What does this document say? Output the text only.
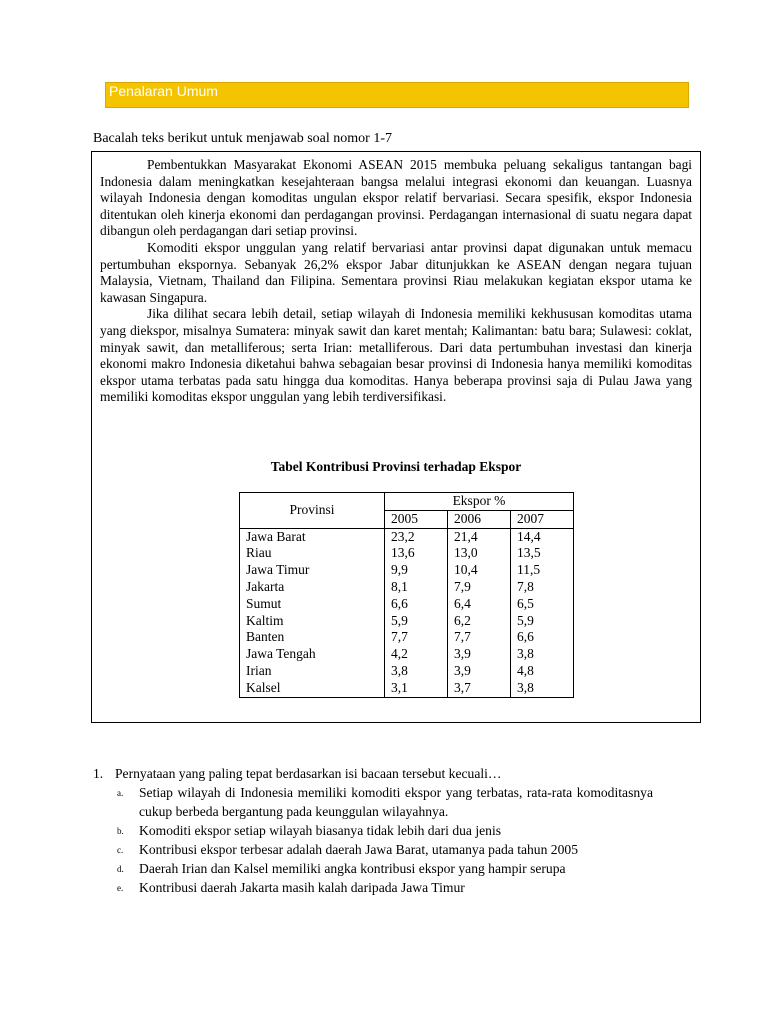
Penalaran Umum
Bacalah teks berikut untuk menjawab soal nomor 1-7

Pembentukkan Masyarakat Ekonomi ASEAN 2015 membuka peluang sekaligus tantangan bagi Indonesia dalam meningkatkan kesejahteraan bangsa melalui integrasi ekonomi dan keuangan. Luasnya wilayah Indonesia dengan komoditas ungulan ekspor relatif bervariasi. Secara spesifik, ekspor Indonesia ditentukan oleh kinerja ekonomi dan perdagangan provinsi. Perdagangan internasional di suatu negara dapat dibangun oleh perdagangan dari setiap provinsi.

Komoditi ekspor unggulan yang relatif bervariasi antar provinsi dapat digunakan untuk memacu pertumbuhan ekspornya. Sebanyak 26,2% ekspor Jabar ditunjukkan ke ASEAN dengan negara tujuan Malaysia, Vietnam, Thailand dan Filipina. Sementara provinsi Riau melakukan kegiatan ekspor utama ke kawasan Singapura.

Jika dilihat secara lebih detail, setiap wilayah di Indonesia memiliki kekhususan komoditas utama yang diekspor, misalnya Sumatera: minyak sawit dan karet mentah; Kalimantan: batu bara; Sulawesi: coklat, minyak sawit, dan metalliferous; serta Irian: metalliferous. Dari data pertumbuhan investasi dan kinerja ekonomi makro Indonesia diketahui bahwa sebagaian besar provinsi di Indonesia hanya memiliki komoditas ekspor utama terbatas pada satu hingga dua komoditas. Hanya beberapa provinsi saja di Pulau Jawa yang memiliki komoditas ekspor unggulan yang lebih terdiversifikasi.

Tabel Kontribusi Provinsi terhadap Ekspor
Provinsi	Ekspor %		
	2005	2006	2007
Jawa Barat	23,2	21,4	14,4
Riau	13,6	13,0	13,5
Jawa Timur	9,9	10,4	11,5
Jakarta	8,1	7,9	7,8
Sumut	6,6	6,4	6,5
Kaltim	5,9	6,2	5,9
Banten	7,7	7,7	6,6
Jawa Tengah	4,2	3,9	3,8
Irian	3,8	3,9	4,8
Kalsel	3,1	3,7	3,8
1. Pernyataan yang paling tepat berdasarkan isi bacaan tersebut kecuali…
a. Setiap wilayah di Indonesia memiliki komoditi ekspor yang terbatas, rata-rata komoditasnya cukup berbeda bergantung pada keunggulan wilayahnya.
b. Komoditi ekspor setiap wilayah biasanya tidak lebih dari dua jenis
c. Kontribusi ekspor terbesar adalah daerah Jawa Barat, utamanya pada tahun 2005
d. Daerah Irian dan Kalsel memiliki angka kontribusi ekspor yang hampir serupa
e. Kontribusi daerah Jakarta masih kalah daripada Jawa Timur
